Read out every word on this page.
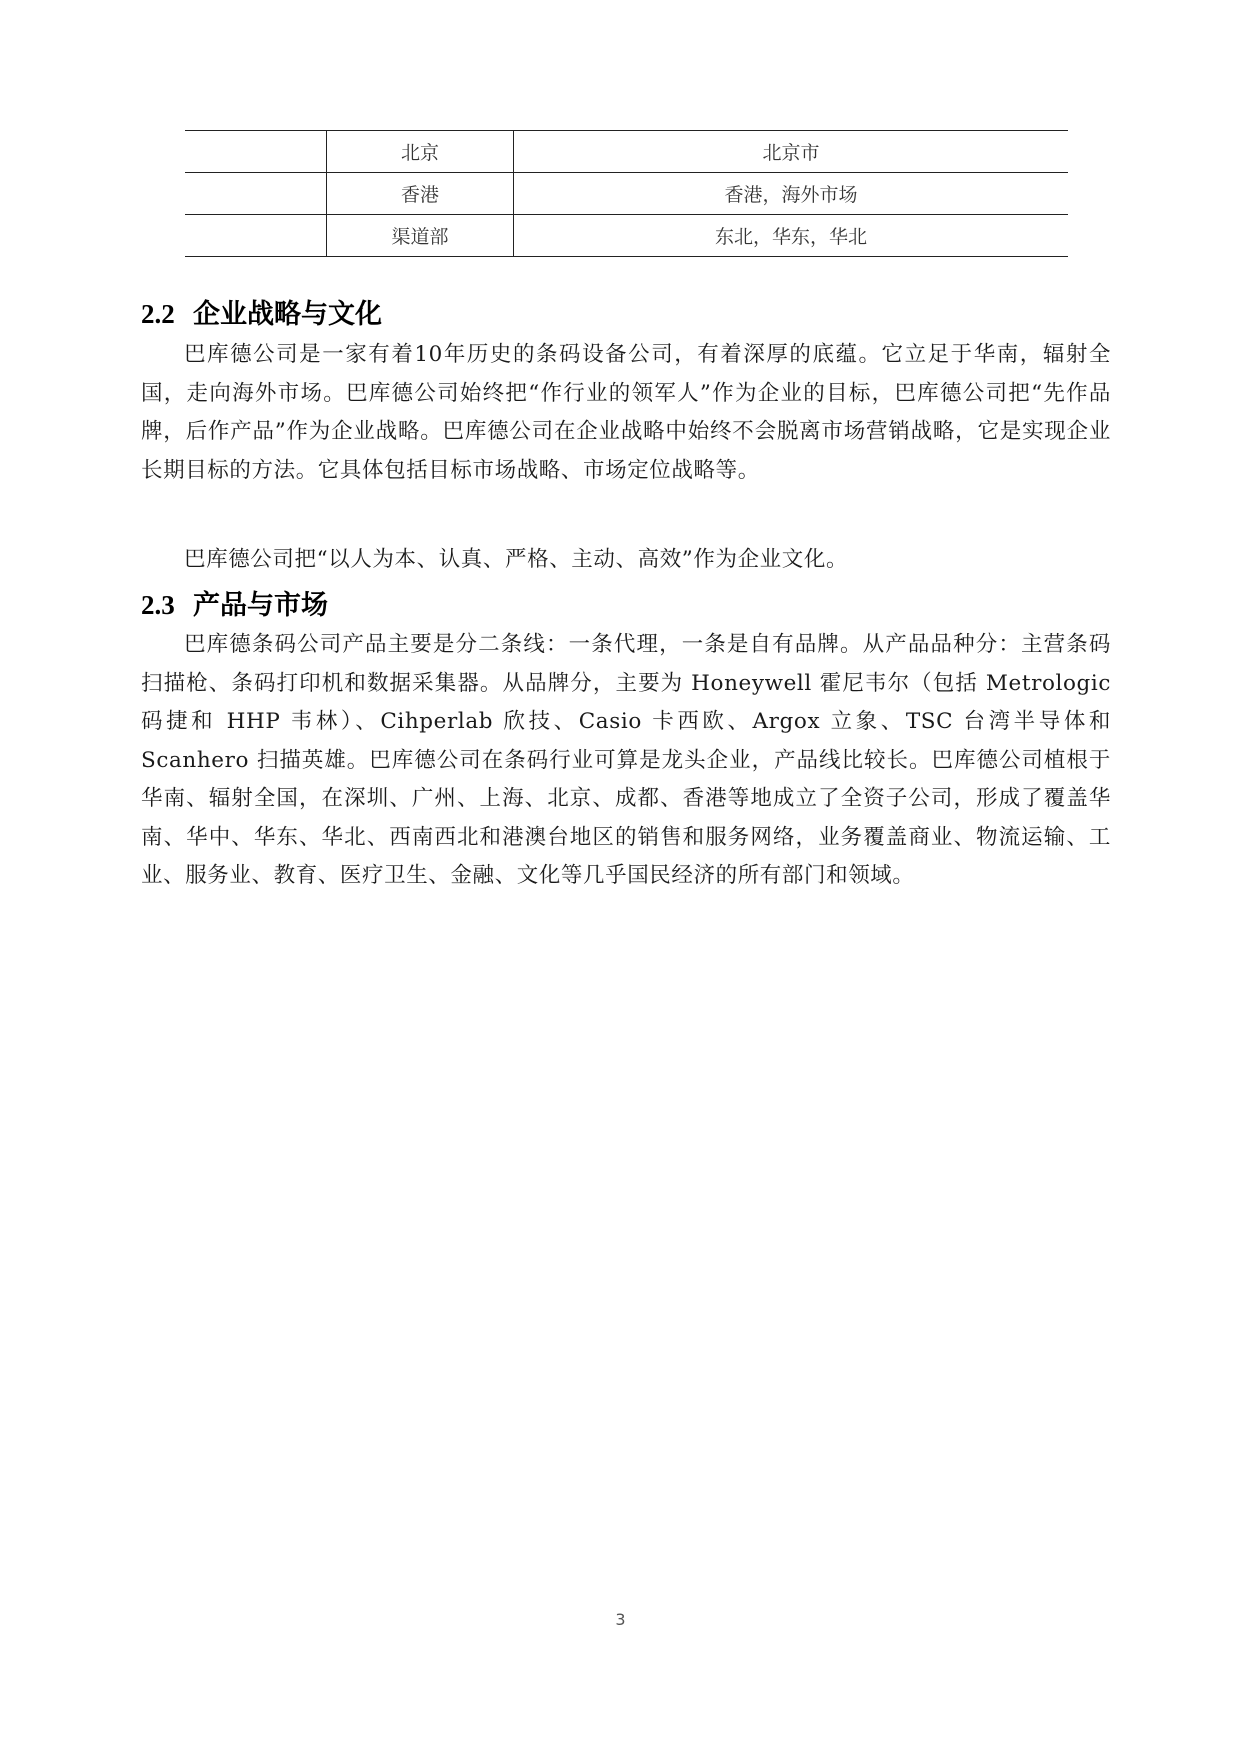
	北京	北京市
	香港	香港，海外市场
	渠道部	东北，华东，华北
2.2 企业战略与文化

巴库德公司是一家有着10年历史的条码设备公司，有着深厚的底蕴。它立足于华南，辐射全国，走向海外市场。巴库德公司始终把“作行业的领军人”作为企业的目标，巴库德公司把“先作品牌，后作产品”作为企业战略。巴库德公司在企业战略中始终不会脱离市场营销战略，它是实现企业长期目标的方法。它具体包括目标市场战略、市场定位战略等。

巴库德公司把“以人为本、认真、严格、主动、高效”作为企业文化。

2.3 产品与市场

巴库德条码公司产品主要是分二条线：一条代理，一条是自有品牌。从产品品种分：主营条码扫描枪、条码打印机和数据采集器。从品牌分，主要为 Honeywell 霍尼韦尔（包括 Metrologic 码捷和 HHP 韦林）、Cihperlab 欣技、Casio 卡西欧、Argox 立象、TSC 台湾半导体和 Scanhero 扫描英雄。巴库德公司在条码行业可算是龙头企业，产品线比较长。巴库德公司植根于华南、辐射全国，在深圳、广州、上海、北京、成都、香港等地成立了全资子公司，形成了覆盖华南、华中、华东、华北、西南西北和港澳台地区的销售和服务网络，业务覆盖商业、物流运输、工业、服务业、教育、医疗卫生、金融、文化等几乎国民经济的所有部门和领域。

3
